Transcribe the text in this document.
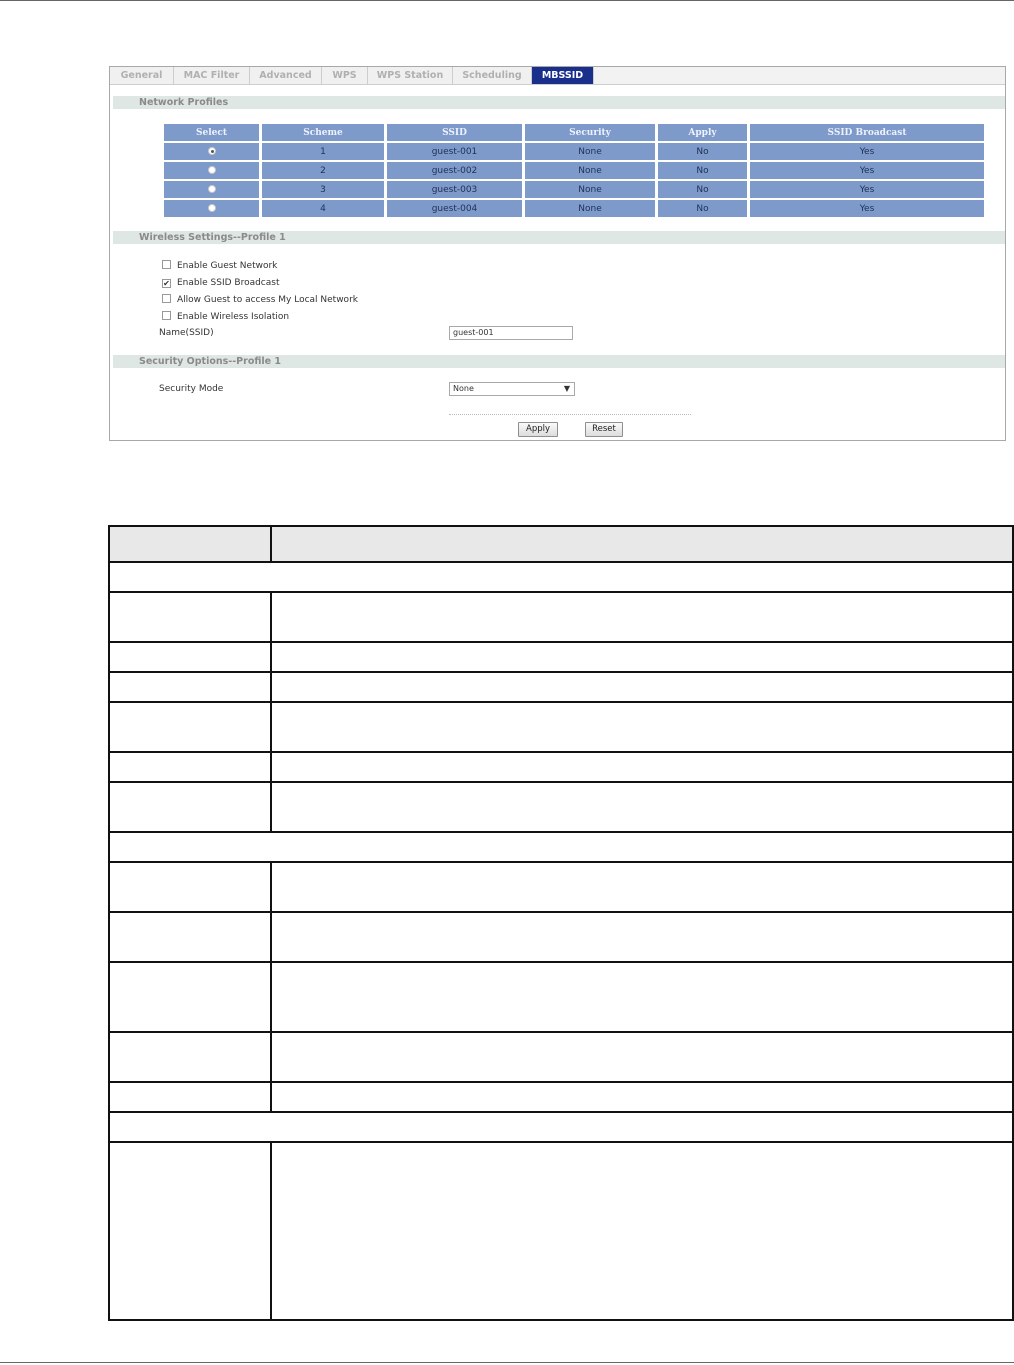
General	MAC Filter	Advanced	WPS	WPS Station	Scheduling	MBSSID
Network Profiles
Select	Scheme	SSID	Security	Apply	SSID Broadcast
	1	guest-001	None	No	Yes
	2	guest-002	None	No	Yes
	3	guest-003	None	No	Yes
	4	guest-004	None	No	Yes
Wireless Settings--Profile 1
Enable Guest Network
✔ Enable SSID Broadcast
Allow Guest to access My Local Network
Enable Wireless Isolation
Name(SSID)	guest-001
Security Options--Profile 1
Security Mode	None	▼
Apply	Reset
